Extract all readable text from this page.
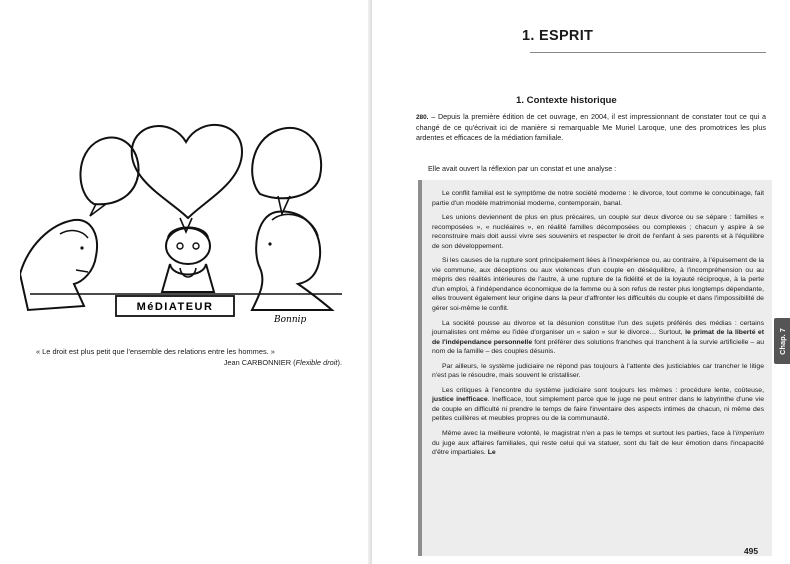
MéDIATEUR
Bonnip
« Le droit est plus petit que l'ensemble des relations entre les hommes. »
Jean CARBONNIER (Flexible droit).
1. ESPRIT
1. Contexte historique
280. – Depuis la première édition de cet ouvrage, en 2004, il est impressionnant de constater tout ce qui a changé de ce qu'écrivait ici de manière si remarquable Me Muriel Laroque, une des promotrices les plus ardentes et efficaces de la médiation familiale.
Elle avait ouvert la réflexion par un constat et une analyse :

Le conflit familial est le symptôme de notre société moderne : le divorce, tout comme le concubinage, fait partie d'un modèle matrimonial moderne, contemporain, banal.

Les unions deviennent de plus en plus précaires, un couple sur deux divorce ou se sépare : familles « recomposées », « nucléaires », en réalité familles décomposées ou complexes ; chacun y aspire à se reconstruire mais doit aussi vivre ses souvenirs et respecter le droit de l'enfant à ses parents et à l'équilibre de son développement.

Si les causes de la rupture sont principalement liées à l'inexpérience ou, au contraire, à l'épuisement de la vie commune, aux déceptions ou aux violences d'un couple en déséquilibre, à l'incompréhension ou au mépris des réalités intérieures de l'autre, à une rupture de la fidélité et de la loyauté réciproque, à la perte d'un emploi, à l'indépendance économique de la femme ou à son refus de rester plus longtemps dépendante, elles trouvent également leur origine dans la peur d'affronter les difficultés du couple et dans l'impossibilité de gérer soi-même le conflit.

La société pousse au divorce et la désunion constitue l'un des sujets préférés des médias : certains journalistes ont même eu l'idée d'organiser un « salon » sur le divorce… Surtout, le primat de la liberté et de l'indépendance personnelle font préférer des solutions franches qui tranchent à la survie artificielle – au nom de la famille – des couples désunis.

Par ailleurs, le système judiciaire ne répond pas toujours à l'attente des justiciables car trancher le litige n'est pas le résoudre, mais souvent le cristalliser.

Les critiques à l'encontre du système judiciaire sont toujours les mêmes : procédure lente, coûteuse, justice inefficace. Inefficace, tout simplement parce que le juge ne peut entrer dans le labyrinthe d'une vie de couple en difficulté ni prendre le temps de faire l'inventaire des aspects intimes de chacun, ni même des petites cuillères et meubles propres ou de la communauté.

Même avec la meilleure volonté, le magistrat n'en a pas le temps et surtout les parties, face à l'imperium du juge aux affaires familiales, qui reste celui qui va statuer, sont du fait de leur émotion dans l'incapacité d'être impartiales. Le

Chap. 7
495
